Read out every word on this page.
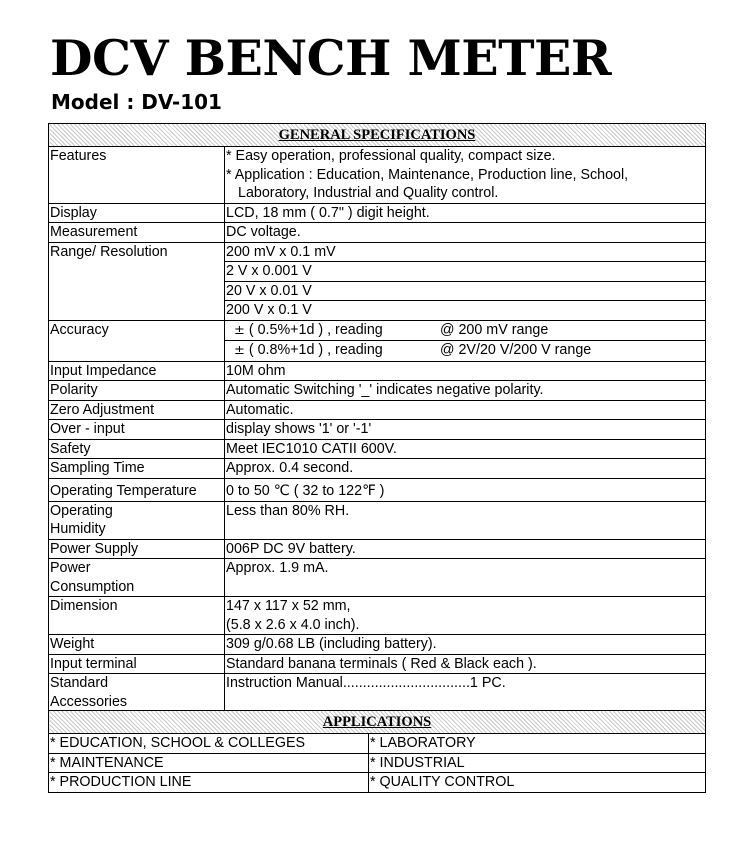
DCV BENCH METER
Model : DV-101
GENERAL SPECIFICATIONS	
Features	* Easy operation, professional quality, compact size.
* Application : Education, Maintenance, Production line, School,
Laboratory, Industrial and Quality control.

Display	LCD, 18 mm ( 0.7" ) digit height.
Measurement	DC voltage.
Range/ Resolution	200 mV x 0.1 mV
	2 V x 0.001 V
	20 V x 0.01 V
	200 V x 0.1 V
Accuracy	± ( 0.5%+1d ) , reading @ 200 mV range
	± ( 0.8%+1d ) , reading @ 2V/20 V/200 V range
Input Impedance	10M ohm
Polarity	Automatic Switching '_' indicates negative polarity.
Zero Adjustment	Automatic.
Over - input	display shows '1' or '-1'
Safety	Meet IEC1010 CATII 600V.
Sampling Time	Approx. 0.4 second.
Operating Temperature	0 to 50 ℃ ( 32 to 122℉ )

Operating
Humidity	Less than 80% RH.
Power Supply	006P DC 9V battery.

Power
Consumption	Approx. 1.9 mA.
Dimension	147 x 117 x 52 mm,
(5.8 x 2.6 x 4.0 inch).

Weight	309 g/0.68 LB (including battery).
Input terminal	Standard banana terminals ( Red & Black each ).

Standard
Accessories	Instruction Manual................................1 PC.
APPLICATIONS	
* EDUCATION, SCHOOL & COLLEGES	* LABORATORY
* MAINTENANCE	* INDUSTRIAL
* PRODUCTION LINE	* QUALITY CONTROL
